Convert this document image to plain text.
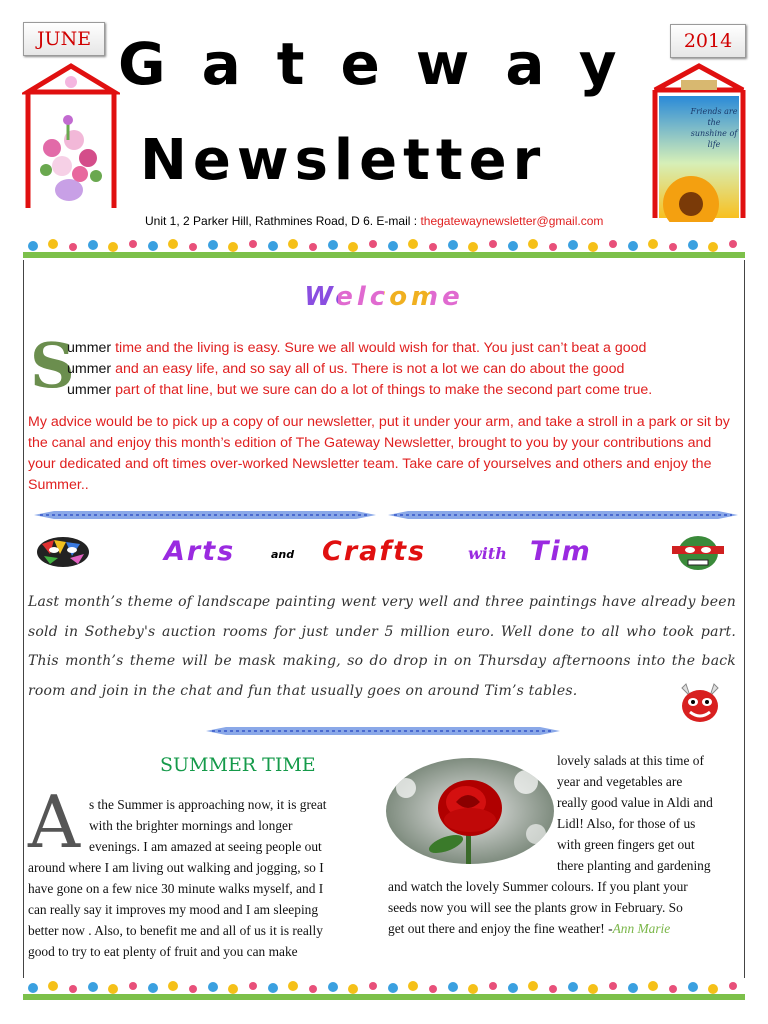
JUNE	2014
Friends are the sunshine of life
Gateway
Newsletter
Unit 1, 2 Parker Hill, Rathmines Road, D 6. E-mail : thegatewaynewsletter@gmail.com
Welcome
S
ummer time and the living is easy. Sure we all would wish for that. You just can’t beat a good
ummer and an easy life, and so say all of us. There is not a lot we can do about the good
ummer part of that line, but we sure can do a lot of things to make the second part come true.
My advice would be to pick up a copy of our newsletter, put it under your arm, and take a stroll in a park or sit by the canal and enjoy this month’s edition of The Gateway Newsletter, brought to you by your contributions and your dedicated and oft times over-worked Newsletter team. Take care of yourselves and others and enjoy the Summer..
Arts	and Crafts	with Tim
Last month’s theme of landscape painting went very well and three paintings have already been sold in Sotheby's auction rooms for just under 5 million euro. Well done to all who took part. This month’s theme will be mask making, so do drop in on Thursday afternoons into the back room and join in the chat and fun that usually goes on around Tim’s tables.
SUMMER TIME
A s the Summer is approaching now, it is great
with the brighter mornings and longer
evenings. I am amazed at seeing people out
around where I am living out walking and jogging, so I
have gone on a few nice 30 minute walks myself, and I
can really say it improves my mood and I am sleeping
better now . Also, to benefit me and all of us it is really
good to try to eat plenty of fruit and you can make
lovely salads at this time of
year and vegetables are
really good value in Aldi and
Lidl! Also, for those of us
with green fingers get out
there planting and gardening
and watch the lovely Summer colours. If you plant your
seeds now you will see the plants grow in February. So
get out there and enjoy the fine weather! -Ann Marie
